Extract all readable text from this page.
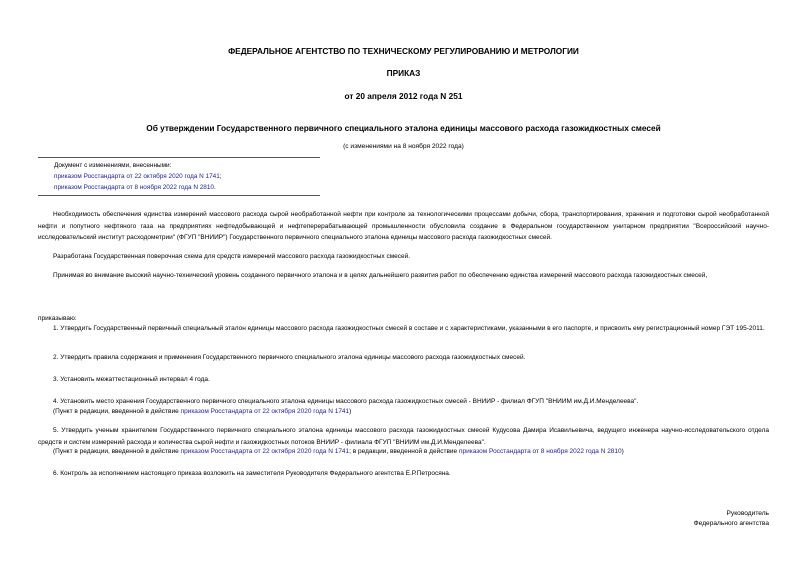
ФЕДЕРАЛЬНОЕ АГЕНТСТВО ПО ТЕХНИЧЕСКОМУ РЕГУЛИРОВАНИЮ И МЕТРОЛОГИИ
ПРИКАЗ
от 20 апреля 2012 года N 251
Об утверждении Государственного первичного специального эталона единицы массового расхода газожидкостных смесей
(с изменениями на 8 ноября 2022 года)
Документ с изменениями, внесенными:
приказом Росстандарта от 22 октября 2020 года N 1741;
приказом Росстандарта от 8 ноября 2022 года N 2810.
Необходимость обеспечения единства измерений массового расхода сырой необработанной нефти при контроле за технологическими процессами добычи, сбора, транспортирования, хранения и подготовки сырой необработанной нефти и попутного нефтяного газа на предприятиях нефтедобывающей и нефтеперерабатывающей промышленности обусловила создание в Федеральном государственном унитарном предприятии "Всероссийский научно-исследовательский институт расходометрии" (ФГУП "ВНИИР") Государственного первичного специального эталона единицы массового расхода газожидкостных смесей.
Разработана Государственная поверочная схема для средств измерений массового расхода газожидкостных смесей.
Принимая во внимание высокий научно-технический уровень созданного первичного эталона и в целях дальнейшего развития работ по обеспечению единства измерений массового расхода газожидкостных смесей,
приказываю:
1. Утвердить Государственный первичный специальный эталон единицы массового расхода газожидкостных смесей в составе и с характеристиками, указанными в его паспорте, и присвоить ему регистрационный номер ГЭТ 195-2011.
2. Утвердить правила содержания и применения Государственного первичного специального эталона единицы массового расхода газожидкостных смесей.
3. Установить межаттестационный интервал 4 года.
4. Установить место хранения Государственного первичного специального эталона единицы массового расхода газожидкостных смесей - ВНИИР - филиал ФГУП "ВНИИМ им.Д.И.Менделеева".
(Пункт в редакции, введенной в действие приказом Росстандарта от 22 октября 2020 года N 1741)
5. Утвердить ученым хранителем Государственного первичного специального эталона единицы массового расхода газожидкостных смесей Кудусова Дамира Исавильевича, ведущего инженера научно-исследовательского отдела средств и систем измерений расхода и количества сырой нефти и газожидкостных потоков ВНИИР - филиала ФГУП "ВНИИМ им.Д.И.Менделеева".
(Пункт в редакции, введенной в действие приказом Росстандарта от 22 октября 2020 года N 1741; в редакции, введенной в действие приказом Росстандарта от 8 ноября 2022 года N 2810)
6. Контроль за исполнением настоящего приказа возложить на заместителя Руководителя Федерального агентства Е.Р.Петросяна.
Руководитель
Федерального агентства
